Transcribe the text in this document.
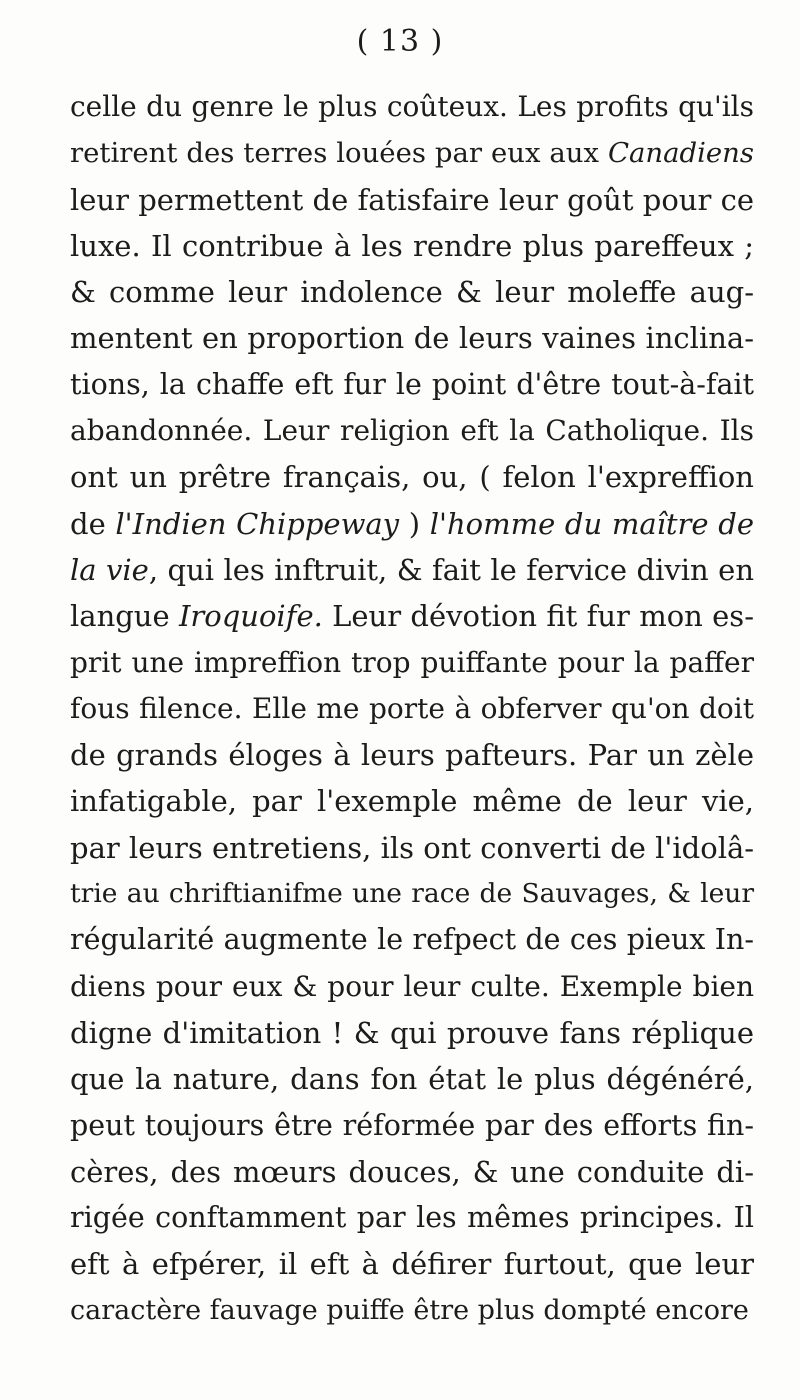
( 13 )
celle du genre le plus coûteux. Les profits qu'ils
retirent des terres louées par eux aux Canadiens
leur permettent de fatisfaire leur goût pour ce
luxe. Il contribue à les rendre plus pareffeux ;
& comme leur indolence & leur moleffe aug-
mentent en proportion de leurs vaines inclina-
tions, la chaffe eft fur le point d'être tout-à-fait
abandonnée. Leur religion eft la Catholique. Ils
ont un prêtre français, ou, ( felon l'expreffion
de l'Indien Chippeway ) l'homme du maître de
la vie, qui les inftruit, & fait le fervice divin en
langue Iroquoife. Leur dévotion fit fur mon es-
prit une impreffion trop puiffante pour la paffer
fous filence. Elle me porte à obferver qu'on doit
de grands éloges à leurs pafteurs. Par un zèle
infatigable, par l'exemple même de leur vie,
par leurs entretiens, ils ont converti de l'idolâ-
trie au chriftianifme une race de Sauvages, & leur
régularité augmente le refpect de ces pieux In-
diens pour eux & pour leur culte. Exemple bien
digne d'imitation ! & qui prouve fans réplique
que la nature, dans fon état le plus dégénéré,
peut toujours être réformée par des efforts fin-
cères, des mœurs douces, & une conduite di-
rigée conftamment par les mêmes principes. Il
eft à efpérer, il eft à défirer furtout, que leur
caractère fauvage puiffe être plus dompté encore
